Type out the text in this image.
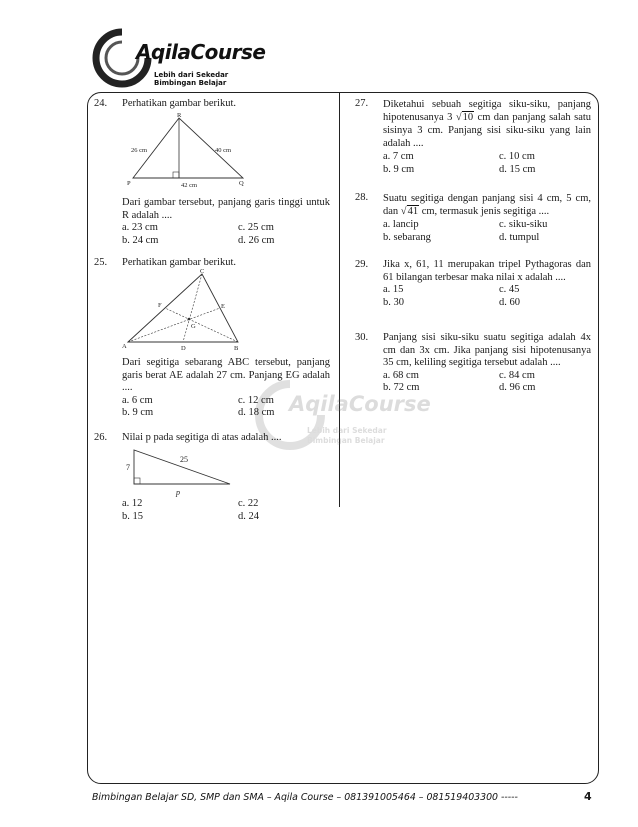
AqilaCourse
Lebih dari Sekedar
Bimbingan Belajar
AqilaCourse
Lebih dari Sekedar
Bimbingan Belajar
24. Perhatikan gambar berikut.
R
P	Q
26 cm	40 cm
42 cm
Dari gambar tersebut, panjang garis tinggi untuk R adalah ....
a. 23 cm	c. 25 cm
b. 24 cm	d. 26 cm
25. Perhatikan gambar berikut.
A	B
C
D
E
F
G
Dari segitiga sebarang ABC tersebut, panjang garis berat AE adalah 27 cm. Panjang EG adalah ....
a. 6 cm	c. 12 cm
b. 9 cm	d. 18 cm
26. Nilai p pada segitiga di atas adalah ....
7
25
p
a. 12	c. 22
b. 15	d. 24
27. Diketahui sebuah segitiga siku-siku, panjang hipotenusanya 3 √10 cm dan panjang salah satu sisinya 3 cm. Panjang sisi siku-siku yang lain adalah ....
a. 7 cm	c. 10 cm
b. 9 cm	d. 15 cm
28. Suatu segitiga dengan panjang sisi 4 cm, 5 cm, dan √41 cm, termasuk jenis segitiga ....
a. lancip	c. siku-siku
b. sebarang	d. tumpul
29. Jika x, 61, 11 merupakan tripel Pythagoras dan 61 bilangan terbesar maka nilai x adalah ....
a. 15	c. 45
b. 30	d. 60
30. Panjang sisi siku-siku suatu segitiga adalah 4x cm dan 3x cm. Jika panjang sisi hipotenusanya 35 cm, keliling segitiga tersebut adalah ....
a. 68 cm	c. 84 cm
b. 72 cm	d. 96 cm
Bimbingan Belajar SD, SMP dan SMA – Aqila Course – 081391005464 – 081519403300 -----	4
